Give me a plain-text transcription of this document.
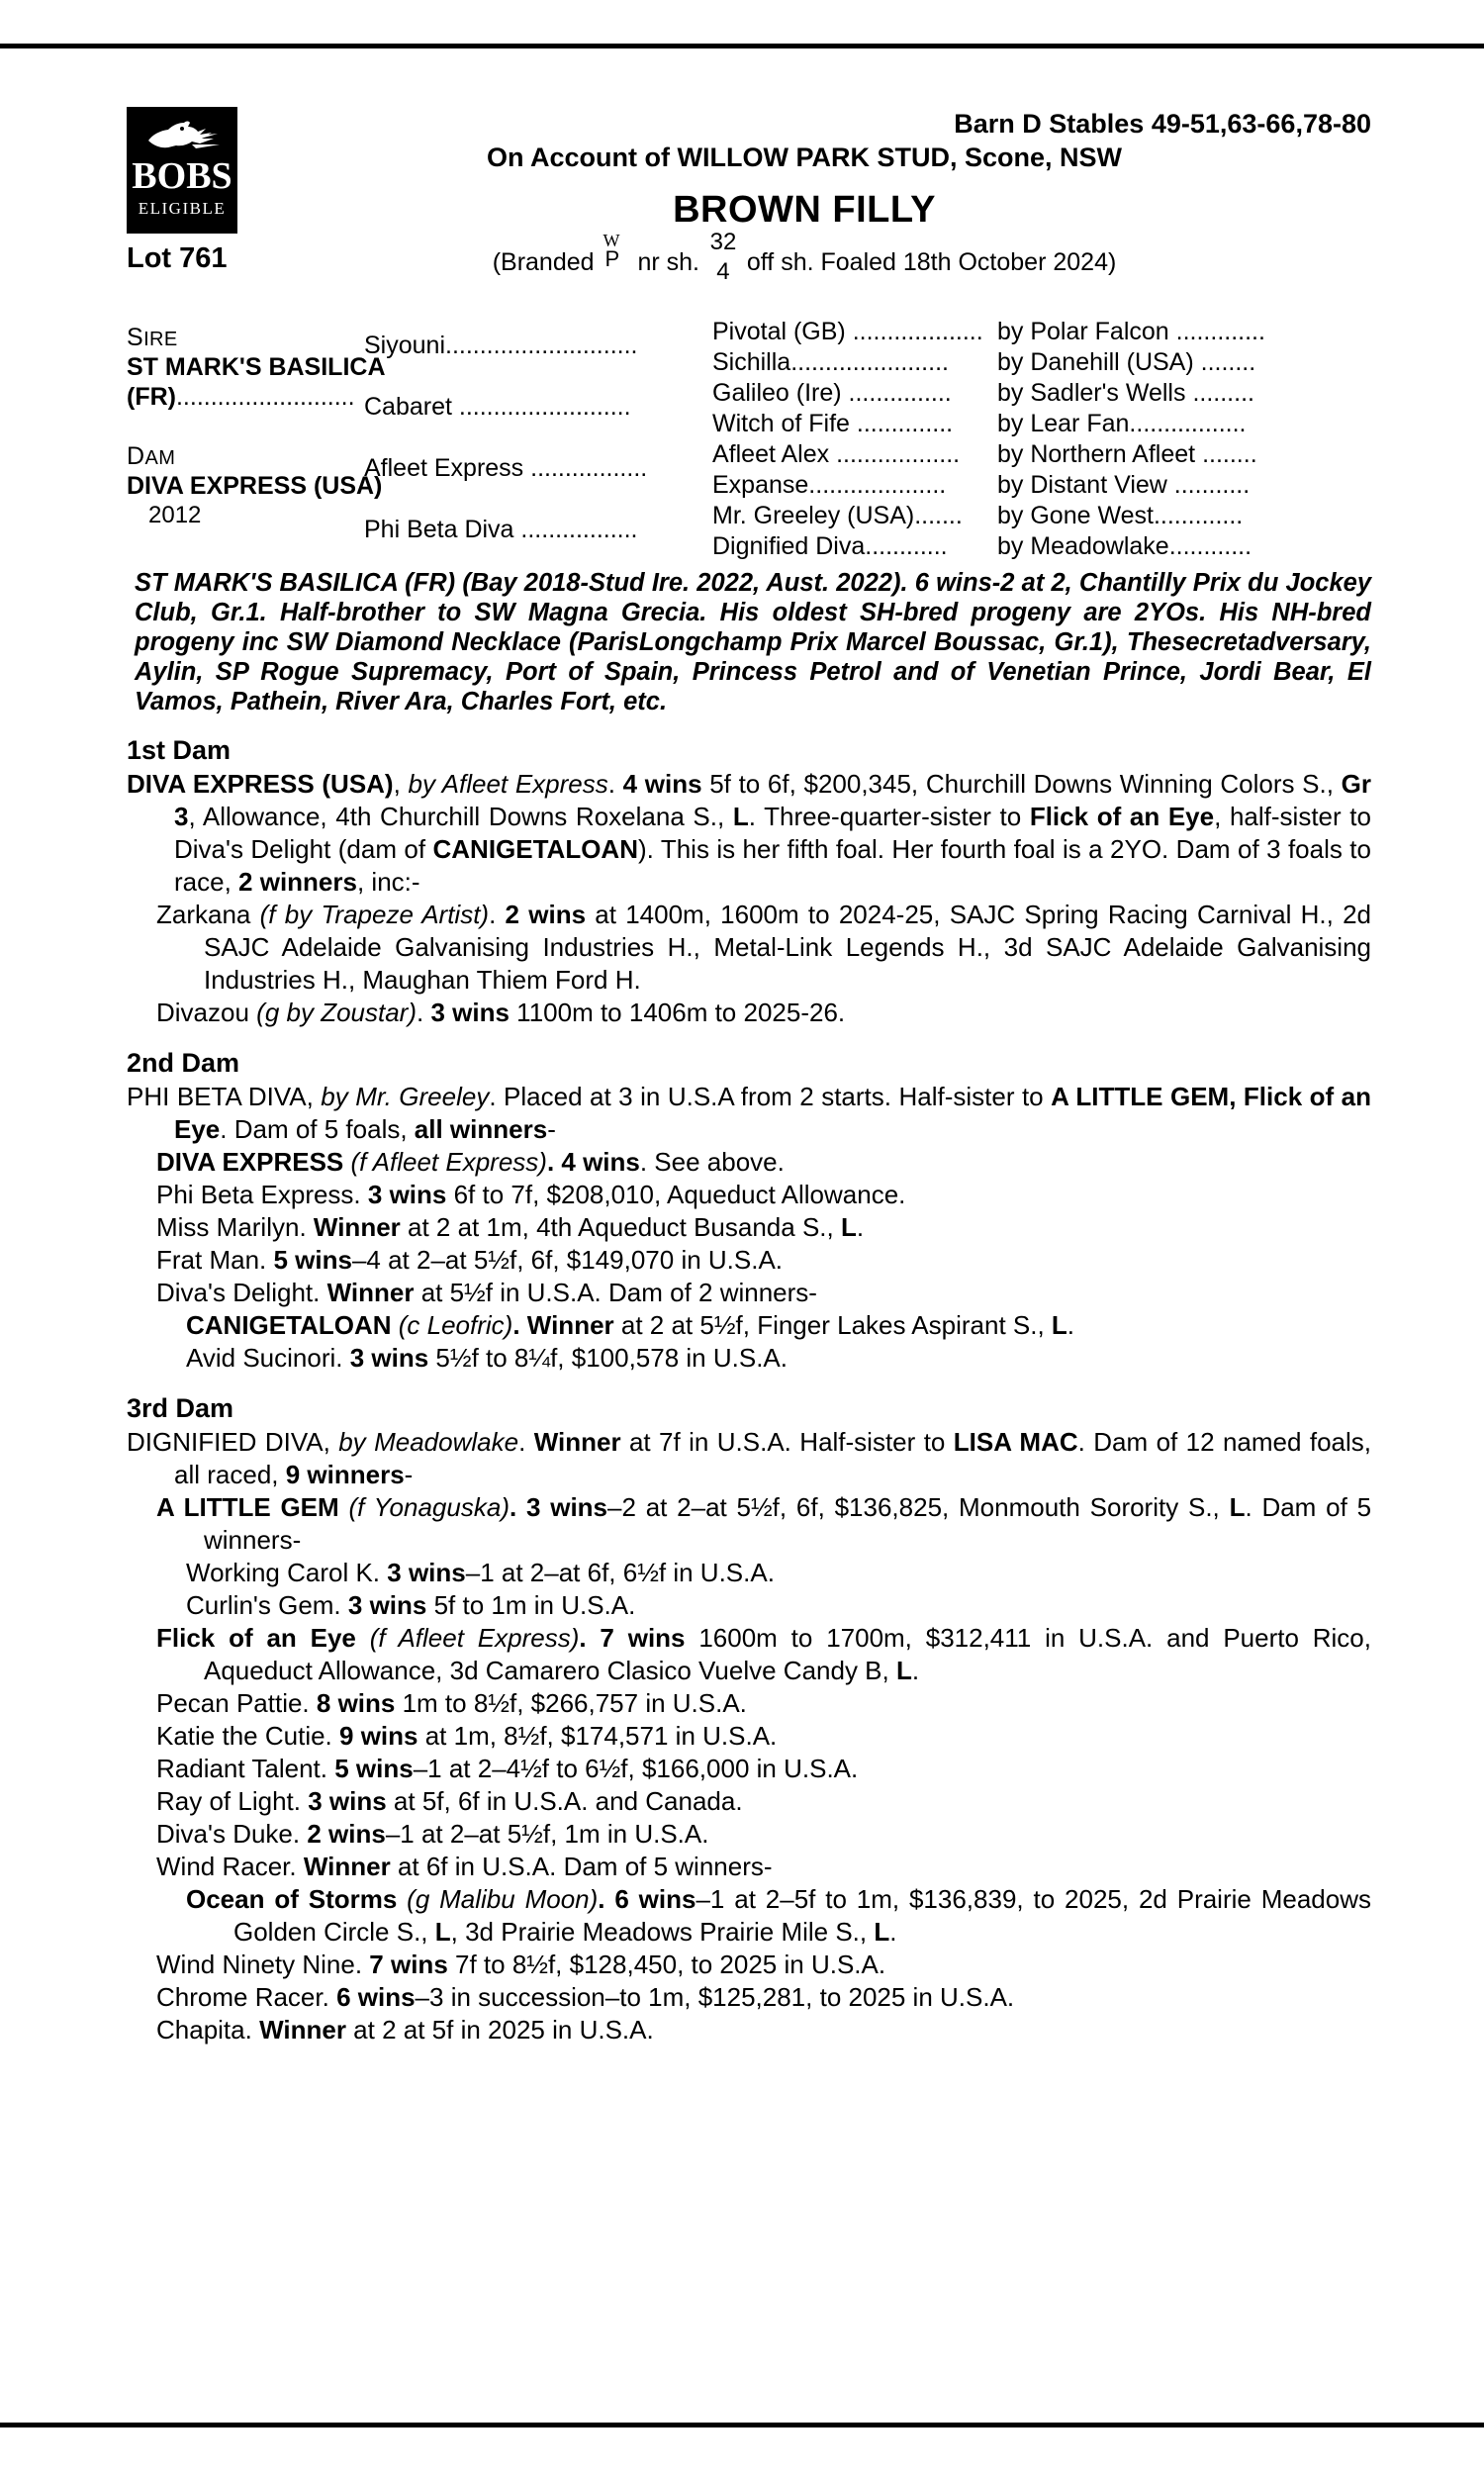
BOBS
ELIGIBLE
Lot 761
Barn D Stables 49-51,63-66,78-80
On Account of WILLOW PARK STUD, Scone, NSW
BROWN FILLY
(Branded
W
P nr sh.
32
4 off sh. Foaled 18th October 2024)
SIRE
ST MARK'S BASILICA
(FR)..........................
DAM
DIVA EXPRESS (USA)
2012
Siyouni............................
Cabaret .........................
Afleet Express .................
Phi Beta Diva .................
Pivotal (GB) ...................
Sichilla.......................
Galileo (Ire) ...............
Witch of Fife ..............
Afleet Alex ..................
Expanse....................
Mr. Greeley (USA).......
Dignified Diva............
by Polar Falcon .............
by Danehill (USA) ........
by Sadler's Wells .........
by Lear Fan.................
by Northern Afleet ........
by Distant View ...........
by Gone West.............
by Meadowlake............
ST MARK'S BASILICA (FR) (Bay 2018-Stud Ire. 2022, Aust. 2022). 6 wins-2 at 2, Chantilly Prix du Jockey Club, Gr.1. Half-brother to SW Magna Grecia. His oldest SH-bred progeny are 2YOs. His NH-bred progeny inc SW Diamond Necklace (ParisLongchamp Prix Marcel Boussac, Gr.1), Thesecretadversary, Aylin, SP Rogue Supremacy, Port of Spain, Princess Petrol and of Venetian Prince, Jordi Bear, El Vamos, Pathein, River Ara, Charles Fort, etc.
1st Dam
DIVA EXPRESS (USA), by Afleet Express. 4 wins 5f to 6f, $200,345, Churchill Downs Winning Colors S., Gr 3, Allowance, 4th Churchill Downs Roxelana S., L. Three-quarter-sister to Flick of an Eye, half-sister to Diva's Delight (dam of CANIGETALOAN). This is her fifth foal. Her fourth foal is a 2YO. Dam of 3 foals to race, 2 winners, inc:-
Zarkana (f by Trapeze Artist). 2 wins at 1400m, 1600m to 2024-25, SAJC Spring Racing Carnival H., 2d SAJC Adelaide Galvanising Industries H., Metal-Link Legends H., 3d SAJC Adelaide Galvanising Industries H., Maughan Thiem Ford H.
Divazou (g by Zoustar). 3 wins 1100m to 1406m to 2025-26.
2nd Dam
PHI BETA DIVA, by Mr. Greeley. Placed at 3 in U.S.A from 2 starts. Half-sister to A LITTLE GEM, Flick of an Eye. Dam of 5 foals, all winners-
DIVA EXPRESS (f Afleet Express). 4 wins. See above.
Phi Beta Express. 3 wins 6f to 7f, $208,010, Aqueduct Allowance.
Miss Marilyn. Winner at 2 at 1m, 4th Aqueduct Busanda S., L.
Frat Man. 5 wins–4 at 2–at 5½f, 6f, $149,070 in U.S.A.
Diva's Delight. Winner at 5½f in U.S.A. Dam of 2 winners-
CANIGETALOAN (c Leofric). Winner at 2 at 5½f, Finger Lakes Aspirant S., L.
Avid Sucinori. 3 wins 5½f to 8¼f, $100,578 in U.S.A.
3rd Dam
DIGNIFIED DIVA, by Meadowlake. Winner at 7f in U.S.A. Half-sister to LISA MAC. Dam of 12 named foals, all raced, 9 winners-
A LITTLE GEM (f Yonaguska). 3 wins–2 at 2–at 5½f, 6f, $136,825, Monmouth Sorority S., L. Dam of 5 winners-
Working Carol K. 3 wins–1 at 2–at 6f, 6½f in U.S.A.
Curlin's Gem. 3 wins 5f to 1m in U.S.A.
Flick of an Eye (f Afleet Express). 7 wins 1600m to 1700m, $312,411 in U.S.A. and Puerto Rico, Aqueduct Allowance, 3d Camarero Clasico Vuelve Candy B, L.
Pecan Pattie. 8 wins 1m to 8½f, $266,757 in U.S.A.
Katie the Cutie. 9 wins at 1m, 8½f, $174,571 in U.S.A.
Radiant Talent. 5 wins–1 at 2–4½f to 6½f, $166,000 in U.S.A.
Ray of Light. 3 wins at 5f, 6f in U.S.A. and Canada.
Diva's Duke. 2 wins–1 at 2–at 5½f, 1m in U.S.A.
Wind Racer. Winner at 6f in U.S.A. Dam of 5 winners-
Ocean of Storms (g Malibu Moon). 6 wins–1 at 2–5f to 1m, $136,839, to 2025, 2d Prairie Meadows Golden Circle S., L, 3d Prairie Meadows Prairie Mile S., L.
Wind Ninety Nine. 7 wins 7f to 8½f, $128,450, to 2025 in U.S.A.
Chrome Racer. 6 wins–3 in succession–to 1m, $125,281, to 2025 in U.S.A.
Chapita. Winner at 2 at 5f in 2025 in U.S.A.
